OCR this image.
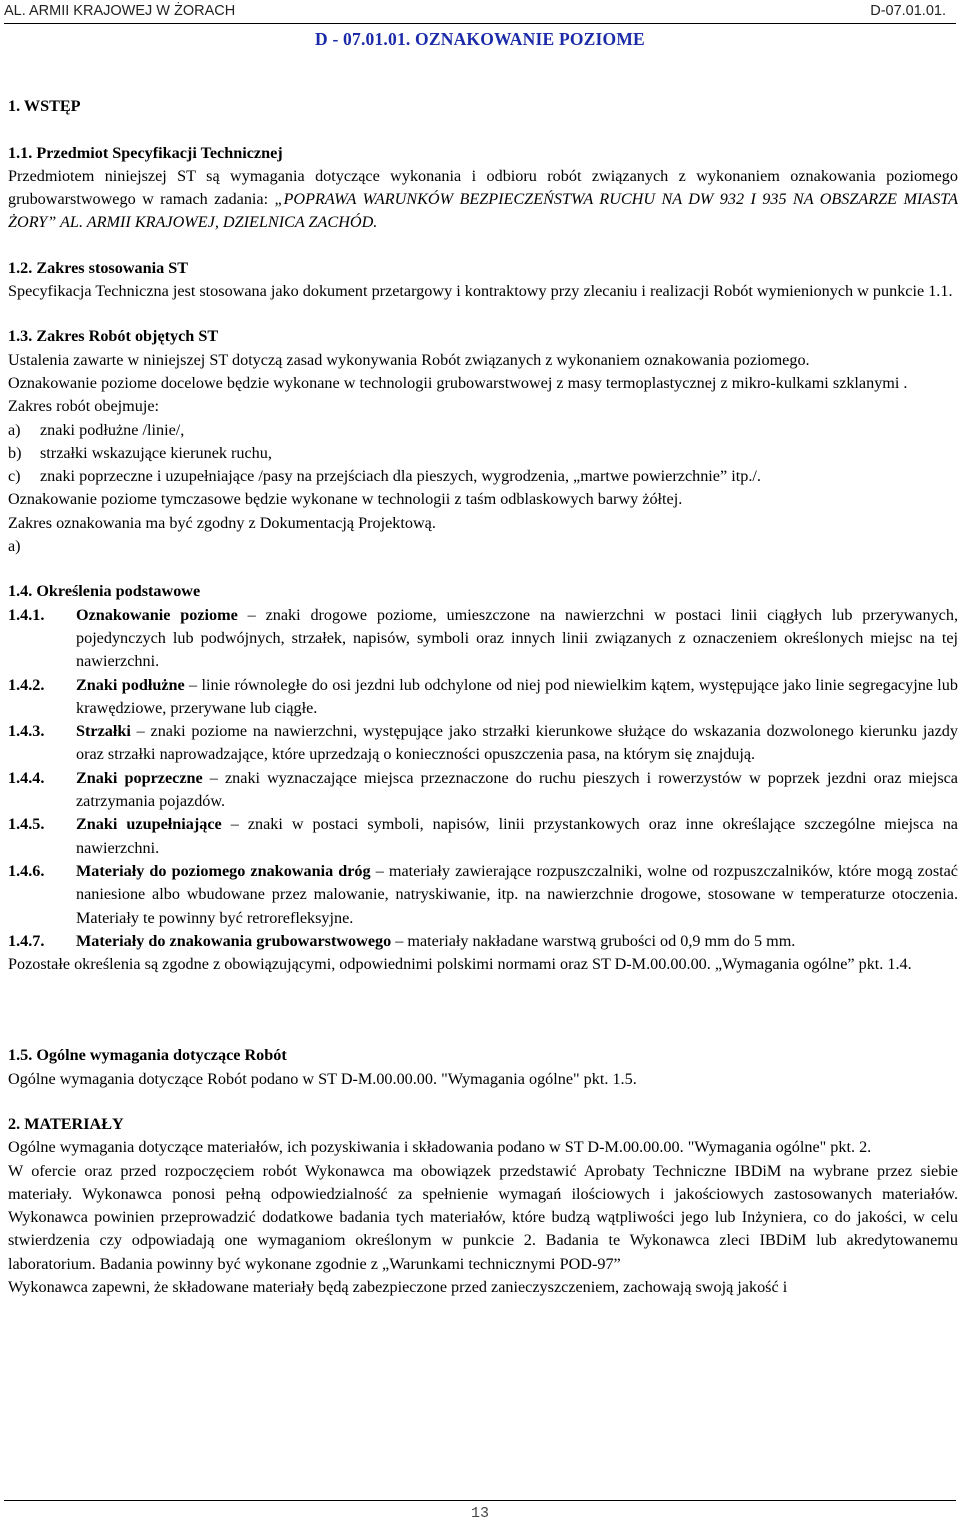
AL. ARMII KRAJOWEJ W ŻORACH	D-07.01.01.
D - 07.01.01. OZNAKOWANIE POZIOME

1. WSTĘP

1.1. Przedmiot Specyfikacji Technicznej

Przedmiotem niniejszej ST są wymagania dotyczące wykonania i odbioru robót związanych z wykonaniem oznakowania poziomego grubowarstwowego w ramach zadania: „POPRAWA WARUNKÓW BEZPIECZEŃSTWA RUCHU NA DW 932 I 935 NA OBSZARZE MIASTA ŻORY” AL. ARMII KRAJOWEJ, DZIELNICA ZACHÓD.

1.2. Zakres stosowania ST

Specyfikacja Techniczna jest stosowana jako dokument przetargowy i kontraktowy przy zlecaniu i realizacji Robót wymienionych w punkcie 1.1.

1.3. Zakres Robót objętych ST

Ustalenia zawarte w niniejszej ST dotyczą zasad wykonywania Robót związanych z wykonaniem oznakowania poziomego.

Oznakowanie poziome docelowe będzie wykonane w technologii grubowarstwowej z masy termoplastycznej z mikro-kulkami szklanymi .

Zakres robót obejmuje:

a)	znaki podłużne /linie/,
b)	strzałki wskazujące kierunek ruchu,
c)	znaki poprzeczne i uzupełniające /pasy na przejściach dla pieszych, wygrodzenia, „martwe powierzchnie” itp./.

Oznakowanie poziome tymczasowe będzie wykonane w technologii z taśm odblaskowych barwy żółtej.

Zakres oznakowania ma być zgodny z Dokumentacją Projektową.

a)

1.4. Określenia podstawowe

1.4.1.	Oznakowanie poziome – znaki drogowe poziome, umieszczone na nawierzchni w postaci linii ciągłych lub przerywanych, pojedynczych lub podwójnych, strzałek, napisów, symboli oraz innych linii związanych z oznaczeniem określonych miejsc na tej nawierzchni.
1.4.2.	Znaki podłużne – linie równoległe do osi jezdni lub odchylone od niej pod niewielkim kątem, występujące jako linie segregacyjne lub krawędziowe, przerywane lub ciągłe.
1.4.3.	Strzałki – znaki poziome na nawierzchni, występujące jako strzałki kierunkowe służące do wskazania dozwolonego kierunku jazdy oraz strzałki naprowadzające, które uprzedzają o konieczności opuszczenia pasa, na którym się znajdują.
1.4.4.	Znaki poprzeczne – znaki wyznaczające miejsca przeznaczone do ruchu pieszych i rowerzystów w poprzek jezdni oraz miejsca zatrzymania pojazdów.
1.4.5.	Znaki uzupełniające – znaki w postaci symboli, napisów, linii przystankowych oraz inne określające szczególne miejsca na nawierzchni.
1.4.6.	Materiały do poziomego znakowania dróg – materiały zawierające rozpuszczalniki, wolne od rozpuszczalników, które mogą zostać naniesione albo wbudowane przez malowanie, natryskiwanie, itp. na nawierzchnie drogowe, stosowane w temperaturze otoczenia. Materiały te powinny być retrorefleksyjne.
1.4.7.	Materiały do znakowania grubowarstwowego – materiały nakładane warstwą grubości od 0,9 mm do 5 mm.

Pozostałe określenia są zgodne z obowiązującymi, odpowiednimi polskimi normami oraz ST D-M.00.00.00. „Wymagania ogólne” pkt. 1.4.

1.5. Ogólne wymagania dotyczące Robót

Ogólne wymagania dotyczące Robót podano w ST D-M.00.00.00. "Wymagania ogólne" pkt. 1.5.

2. MATERIAŁY

Ogólne wymagania dotyczące materiałów, ich pozyskiwania i składowania podano w ST D-M.00.00.00. "Wymagania ogólne" pkt. 2.

W ofercie oraz przed rozpoczęciem robót Wykonawca ma obowiązek przedstawić Aprobaty Techniczne IBDiM na wybrane przez siebie materiały. Wykonawca ponosi pełną odpowiedzialność za spełnienie wymagań ilościowych i jakościowych zastosowanych materiałów. Wykonawca powinien przeprowadzić dodatkowe badania tych materiałów, które budzą wątpliwości jego lub Inżyniera, co do jakości, w celu stwierdzenia czy odpowiadają one wymaganiom określonym w punkcie 2. Badania te Wykonawca zleci IBDiM lub akredytowanemu laboratorium. Badania powinny być wykonane zgodnie z „Warunkami technicznymi POD-97”

Wykonawca zapewni, że składowane materiały będą zabezpieczone przed zanieczyszczeniem, zachowają swoją jakość i

13
